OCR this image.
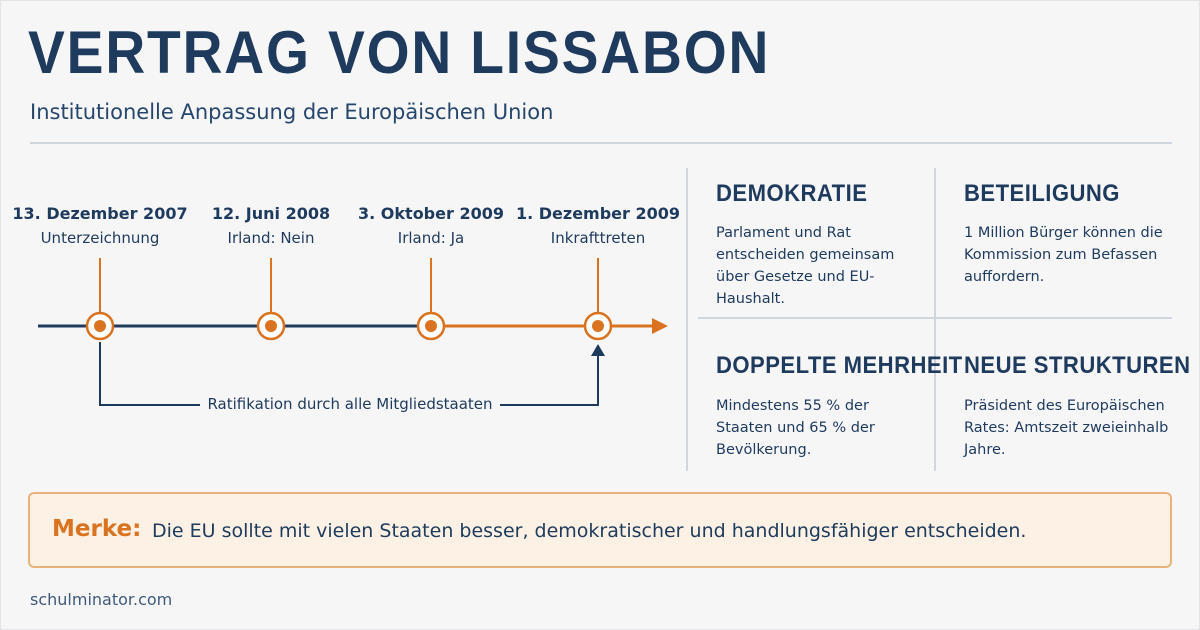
VERTRAG VON LISSABON
Institutionelle Anpassung der Europäischen Union
13. Dezember 2007
Unterzeichnung
12. Juni 2008
Irland: Nein
3. Oktober 2009
Irland: Ja
1. Dezember 2009
Inkrafttreten
Ratifikation durch alle Mitgliedstaaten
DEMOKRATIE
Parlament und Rat entscheiden gemeinsam über Gesetze und EU-Haushalt.
BETEILIGUNG
1 Million Bürger können die Kommission zum Befassen auffordern.
DOPPELTE MEHRHEIT
Mindestens 55 % der Staaten und 65 % der Bevölkerung.
NEUE STRUKTUREN
Präsident des Europäischen Rates: Amtszeit zweieinhalb Jahre.
Merke: Die EU sollte mit vielen Staaten besser, demokratischer und handlungsfähiger entscheiden.
schulminator.com
